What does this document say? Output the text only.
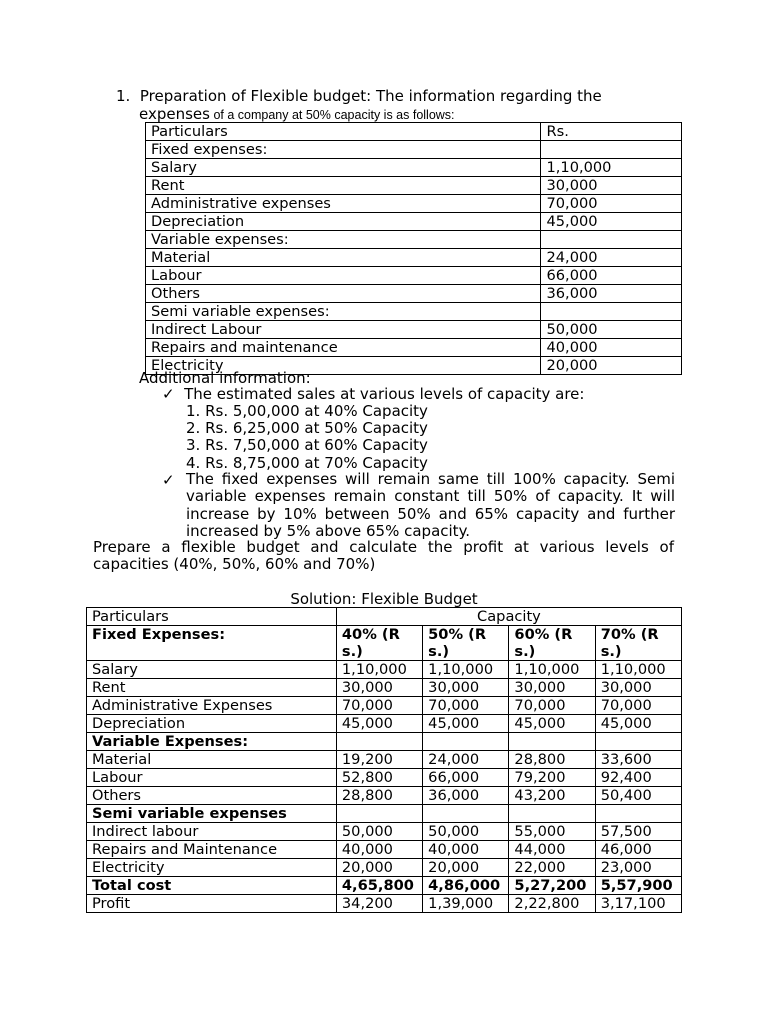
1. Preparation of Flexible budget: The information regarding the
expenses of a company at 50% capacity is as follows:
Particulars	Rs.
Fixed expenses:	
Salary	1,10,000
Rent	30,000
Administrative expenses	70,000
Depreciation	45,000
Variable expenses:	
Material	24,000
Labour	66,000
Others	36,000
Semi variable expenses:	
Indirect Labour	50,000
Repairs and maintenance	40,000
Electricity	20,000
Additional information:
✓ The estimated sales at various levels of capacity are:
1. Rs. 5,00,000 at 40% Capacity
2. Rs. 6,25,000 at 50% Capacity
3. Rs. 7,50,000 at 60% Capacity
4. Rs. 8,75,000 at 70% Capacity
✓ The fixed expenses will remain same till 100% capacity. Semi variable expenses remain constant till 50% of capacity. It will increase by 10% between 50% and 65% capacity and further increased by 5% above 65% capacity.
Prepare a flexible budget and calculate the profit at various levels of capacities (40%, 50%, 60% and 70%)
Solution: Flexible Budget
Particulars	Capacity			
Fixed Expenses:	40% (Rs.)	50% (Rs.)	60% (Rs.)	70% (Rs.)
Salary	1,10,000	1,10,000	1,10,000	1,10,000
Rent	30,000	30,000	30,000	30,000
Administrative Expenses	70,000	70,000	70,000	70,000
Depreciation	45,000	45,000	45,000	45,000
Variable Expenses:				
Material	19,200	24,000	28,800	33,600
Labour	52,800	66,000	79,200	92,400
Others	28,800	36,000	43,200	50,400
Semi variable expenses				
Indirect labour	50,000	50,000	55,000	57,500
Repairs and Maintenance	40,000	40,000	44,000	46,000
Electricity	20,000	20,000	22,000	23,000
Total cost	4,65,800	4,86,000	5,27,200	5,57,900
Profit	34,200	1,39,000	2,22,800	3,17,100
